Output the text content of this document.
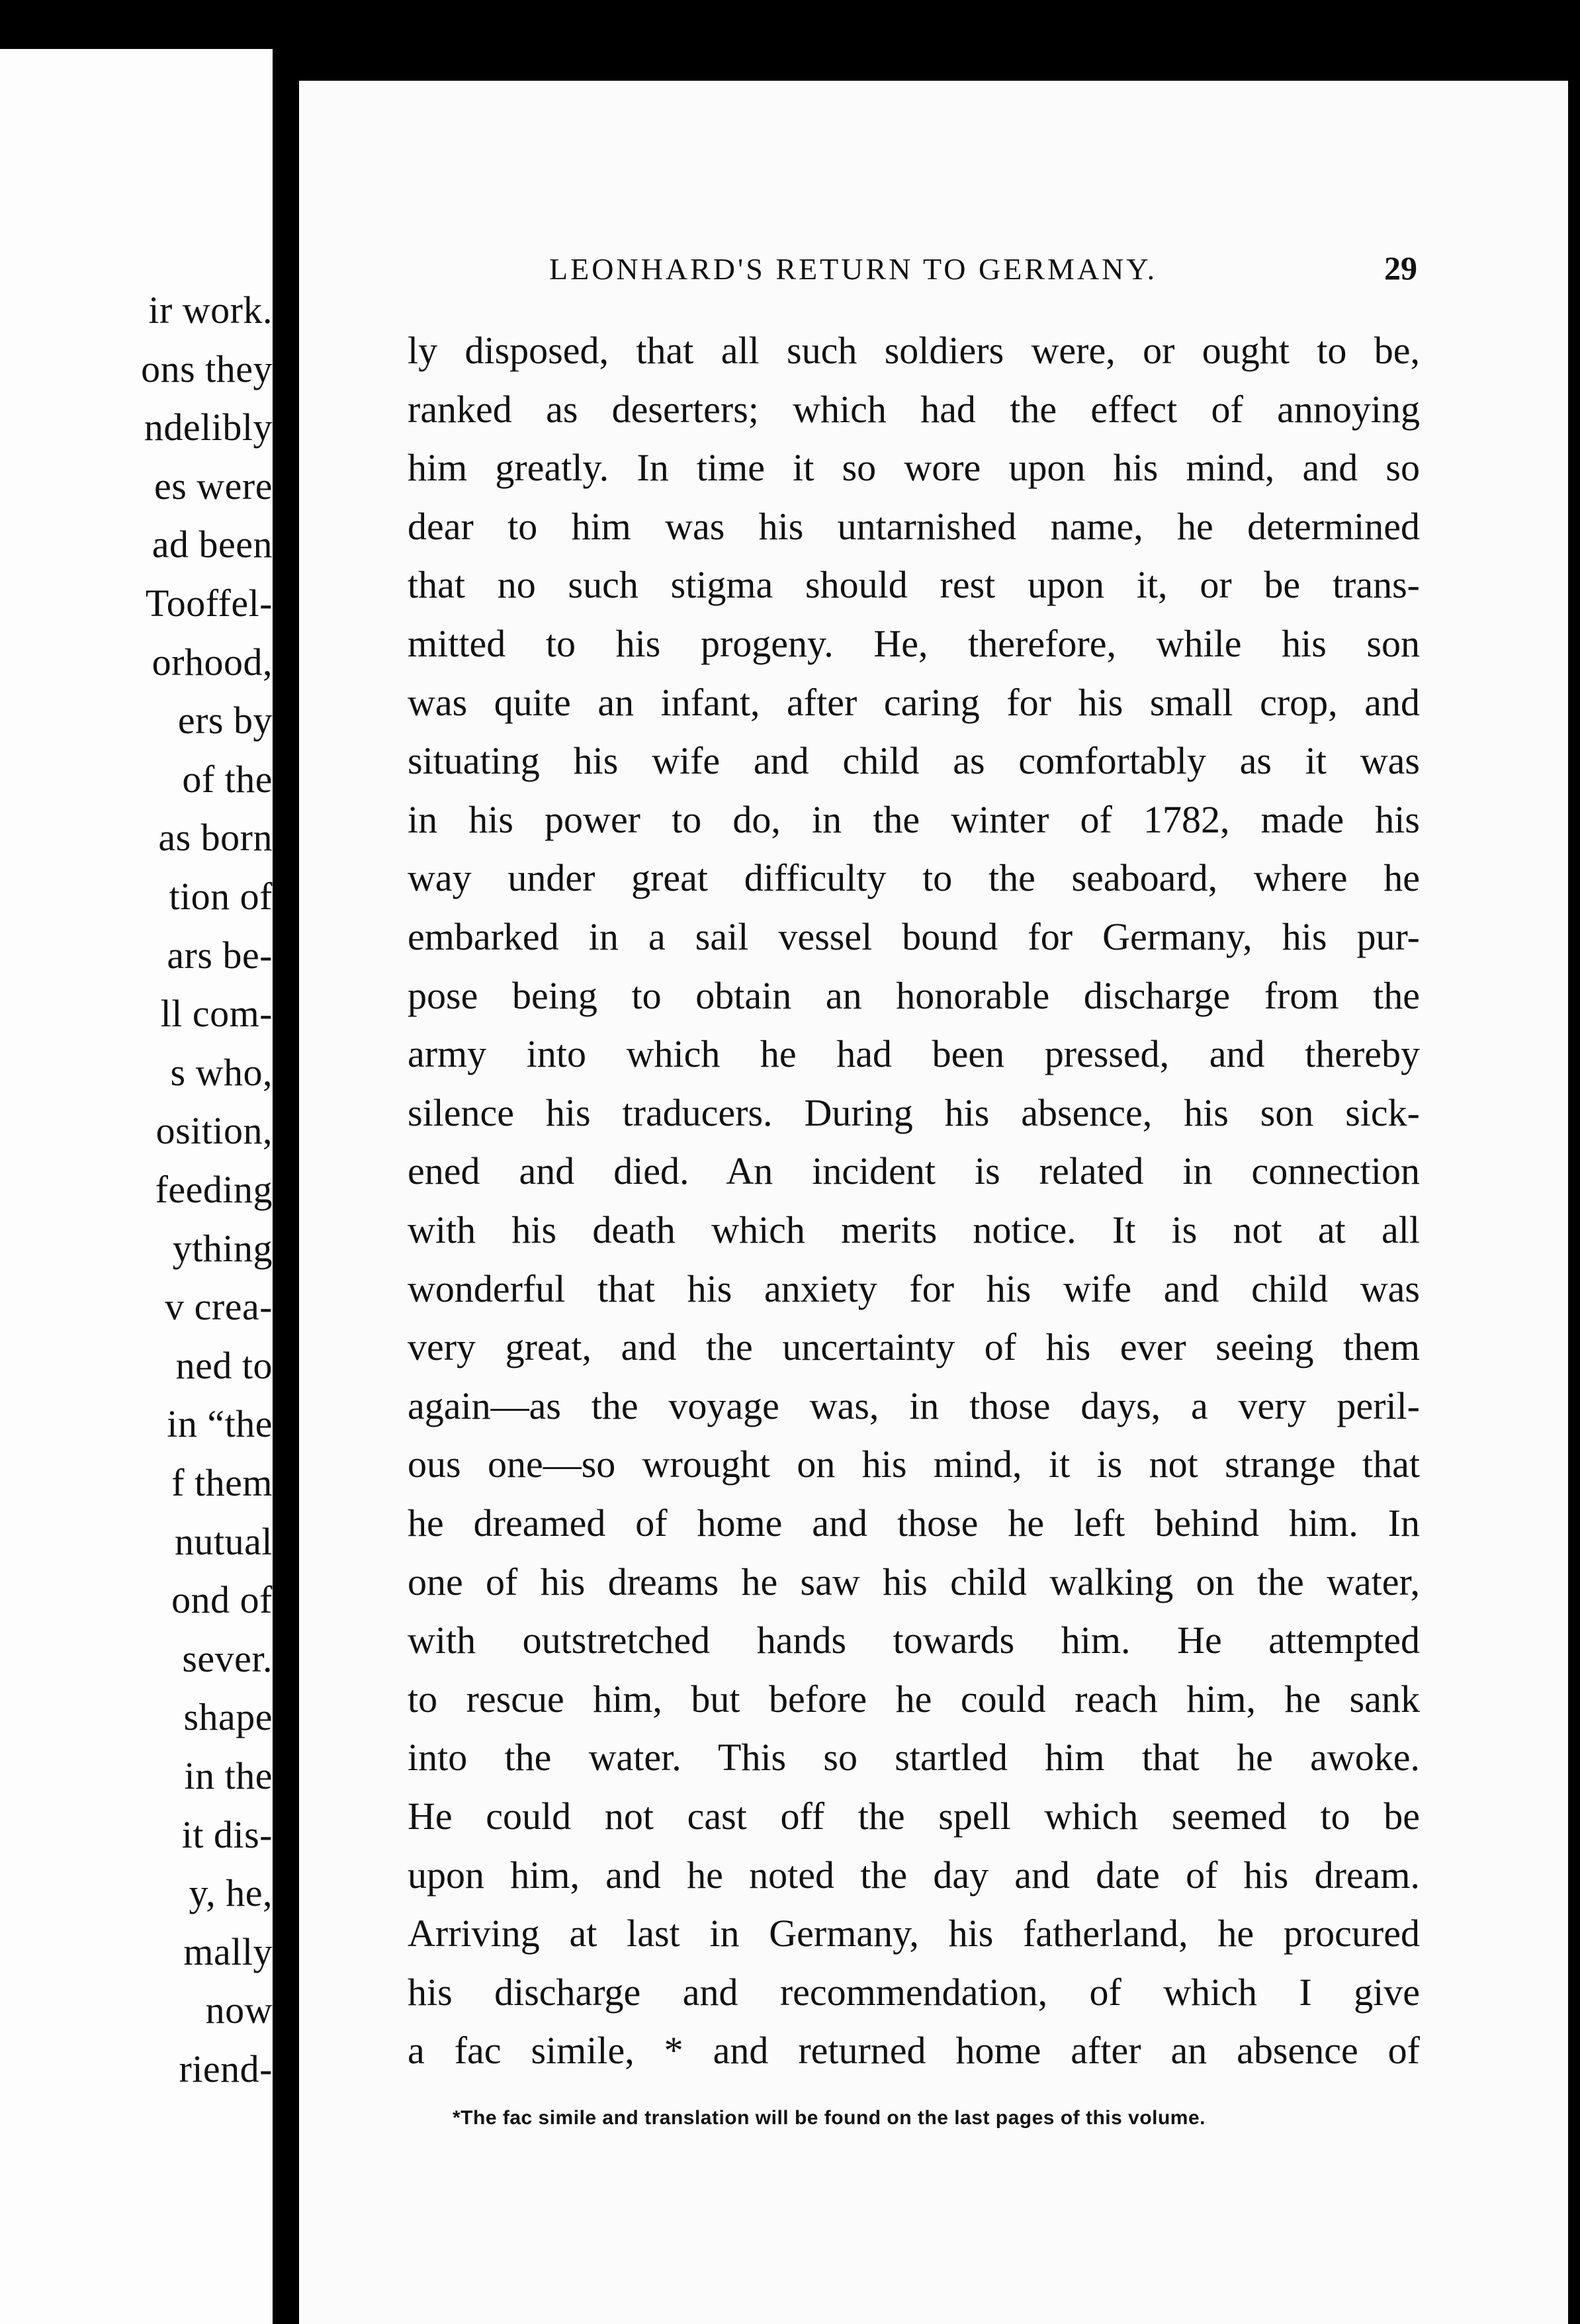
ir work.
ons they
ndelibly
es were
ad been
Tooffel-
orhood,
ers by
of the
as born
tion of
ars be-
ll com-
s who,
osition,
feeding
ything
v crea-
ned to
in “the
f them
nutual
ond of
sever.
shape
in the
it dis-
y, he,
mally
now
riend-
LEONHARD'S RETURN TO GERMANY.	29
ly disposed, that all such soldiers were, or ought to be,
ranked as deserters; which had the effect of annoying
him greatly. In time it so wore upon his mind, and so
dear to him was his untarnished name, he determined
that no such stigma should rest upon it, or be trans-
mitted to his progeny. He, therefore, while his son
was quite an infant, after caring for his small crop, and
situating his wife and child as comfortably as it was
in his power to do, in the winter of 1782, made his
way under great difficulty to the seaboard, where he
embarked in a sail vessel bound for Germany, his pur-
pose being to obtain an honorable discharge from the
army into which he had been pressed, and thereby
silence his traducers. During his absence, his son sick-
ened and died. An incident is related in connection
with his death which merits notice. It is not at all
wonderful that his anxiety for his wife and child was
very great, and the uncertainty of his ever seeing them
again—as the voyage was, in those days, a very peril-
ous one—so wrought on his mind, it is not strange that
he dreamed of home and those he left behind him. In
one of his dreams he saw his child walking on the water,
with outstretched hands towards him. He attempted
to rescue him, but before he could reach him, he sank
into the water. This so startled him that he awoke.
He could not cast off the spell which seemed to be
upon him, and he noted the day and date of his dream.
Arriving at last in Germany, his fatherland, he procured
his discharge and recommendation, of which I give
a fac simile, * and returned home after an absence of
*The fac simile and translation will be found on the last pages of this volume.
